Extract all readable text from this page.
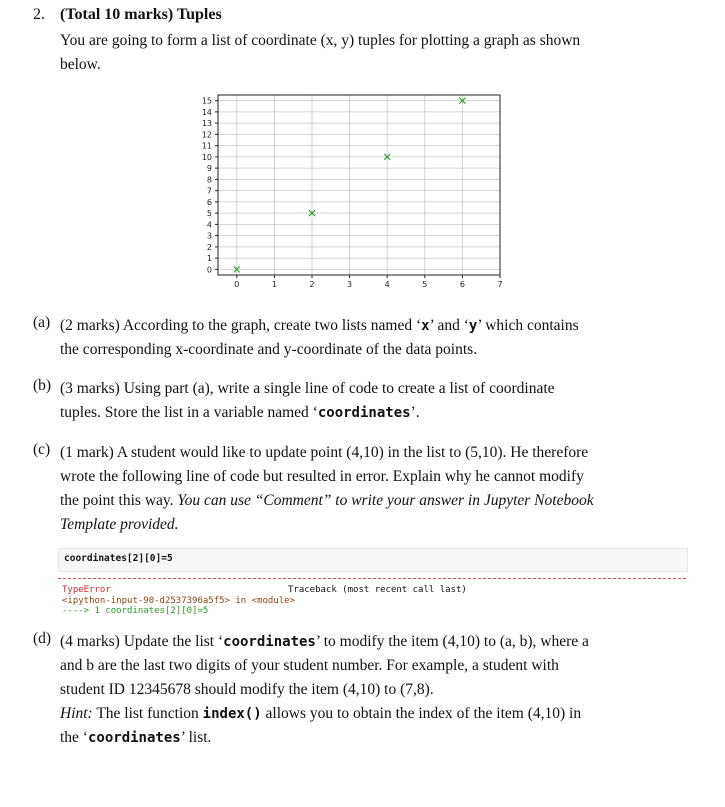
2. (Total 10 marks) Tuples
You are going to form a list of coordinate (x, y) tuples for plotting a graph as shown
below.
0	1	2	3	4	5	6	7
0
1
2
3
4
5
6
7
8
9
10
11
12
13
14
15
(a) (2 marks) According to the graph, create two lists named ‘x’ and ‘y’ which contains
the corresponding x-coordinate and y-coordinate of the data points.
(b) (3 marks) Using part (a), write a single line of code to create a list of coordinate
tuples. Store the list in a variable named ‘coordinates’.
(c) (1 mark) A student would like to update point (4,10) in the list to (5,10). He therefore
wrote the following line of code but resulted in error. Explain why he cannot modify
the point this way. You can use “Comment” to write your answer in Jupyter Notebook
Template provided.
coordinates[2][0]=5
TypeError	Traceback (most recent call last)
<ipython-input-90-d2537396a5f5> in <module>
----> 1 coordinates[2][0]=5
(d) (4 marks) Update the list ‘coordinates’ to modify the item (4,10) to (a, b), where a
and b are the last two digits of your student number. For example, a student with
student ID 12345678 should modify the item (4,10) to (7,8).
Hint: The list function index() allows you to obtain the index of the item (4,10) in
the ‘coordinates’ list.
